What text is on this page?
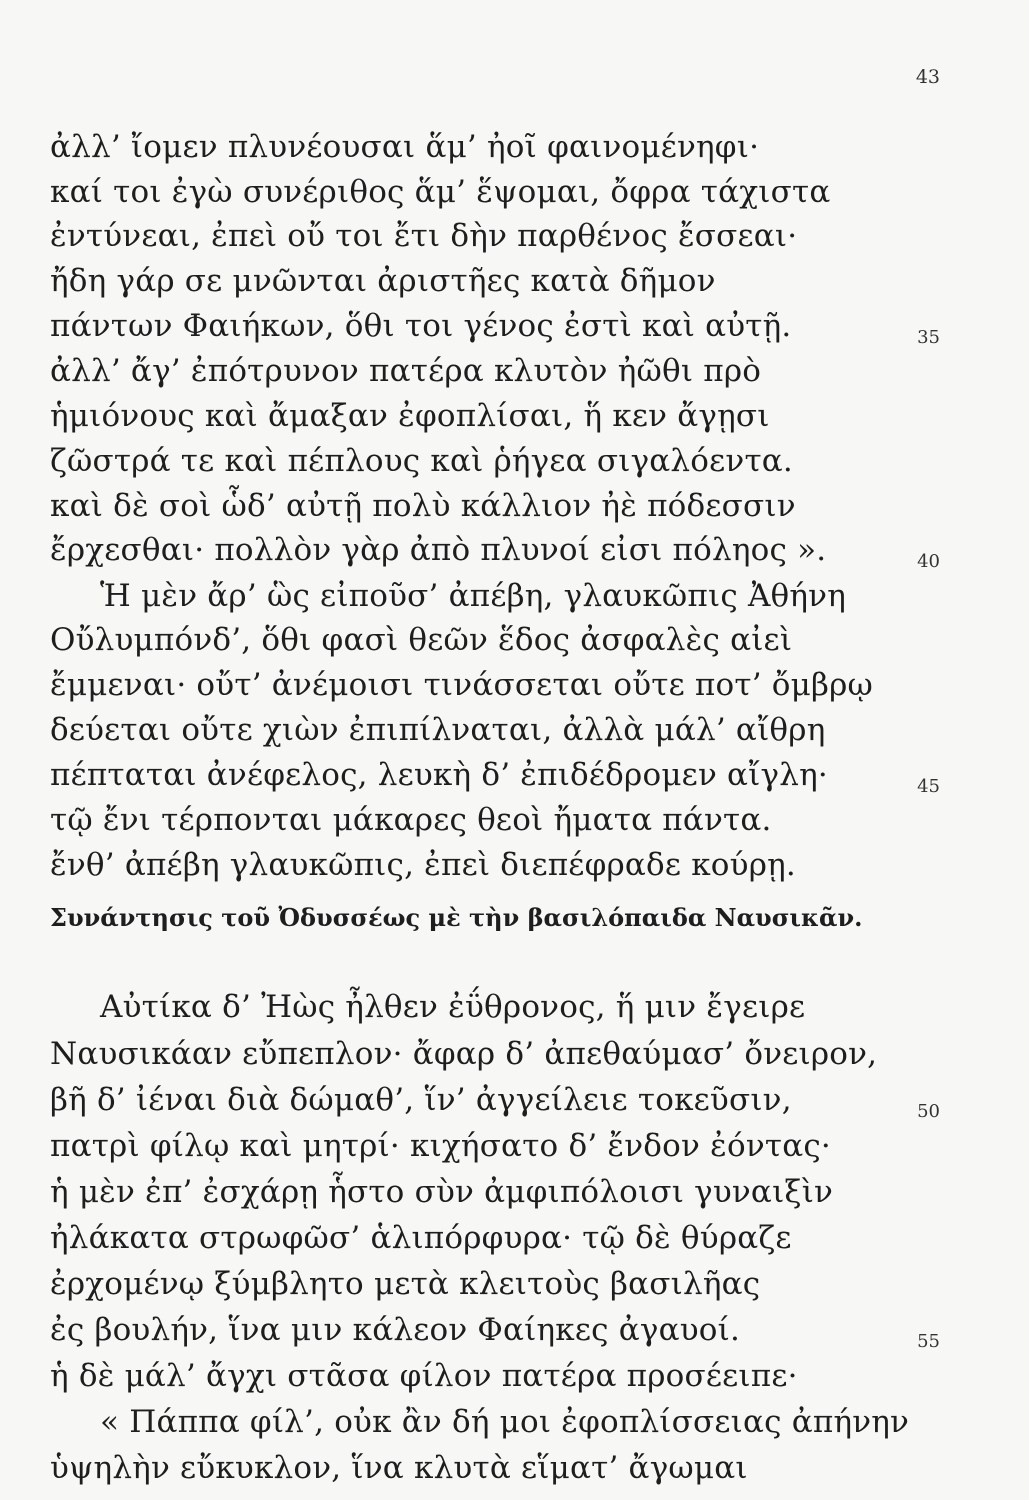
43
ἀλλ’ ἴομεν πλυνέουσαι ἅμ’ ἠοῖ φαινομένηφι·
καί τοι ἐγὼ συνέριθος ἅμ’ ἕψομαι, ὄφρα τάχιστα
ἐντύνεαι, ἐπεὶ οὔ τοι ἔτι δὴν παρθένος ἔσσεαι·
ἤδη γάρ σε μνῶνται ἀριστῆες κατὰ δῆμον
πάντων Φαιήκων, ὅθι τοι γένος ἐστὶ καὶ αὐτῇ.
ἀλλ’ ἄγ’ ἐπότρυνον πατέρα κλυτὸν ἠῶθι πρὸ
ἡμιόνους καὶ ἄμαξαν ἐφοπλίσαι, ἥ κεν ἄγῃσι
ζῶστρά τε καὶ πέπλους καὶ ῥήγεα σιγαλόεντα.
καὶ δὲ σοὶ ὧδ’ αὐτῇ πολὺ κάλλιον ἠὲ πόδεσσιν
ἔρχεσθαι· πολλὸν γὰρ ἀπὸ πλυνοί εἰσι πόληος ».
Ἡ μὲν ἄρ’ ὣς εἰποῦσ’ ἀπέβη, γλαυκῶπις Ἀθήνη
Οὔλυμπόνδ’, ὅθι φασὶ θεῶν ἕδος ἀσφαλὲς αἰεὶ
ἔμμεναι· οὔτ’ ἀνέμοισι τινάσσεται οὔτε ποτ’ ὄμβρῳ
δεύεται οὔτε χιὼν ἐπιπίλναται, ἀλλὰ μάλ’ αἴθρη
πέπταται ἀνέφελος, λευκὴ δ’ ἐπιδέδρομεν αἴγλη·
τῷ ἔνι τέρπονται μάκαρες θεοὶ ἤματα πάντα.
ἔνθ’ ἀπέβη γλαυκῶπις, ἐπεὶ διεπέφραδε κούρῃ.
Συνάντησις τοῦ Ὀδυσσέως μὲ τὴν βασιλόπαιδα Ναυσικᾶν.
Αὐτίκα δ’ Ἠὼς ἦλθεν ἐΰθρονος, ἥ μιν ἔγειρε
Ναυσικάαν εὔπεπλον· ἄφαρ δ’ ἀπεθαύμασ’ ὄνειρον,
βῆ δ’ ἰέναι διὰ δώμαθ’, ἵν’ ἀγγείλειε τοκεῦσιν,
πατρὶ φίλῳ καὶ μητρί· κιχήσατο δ’ ἔνδον ἐόντας·
ἡ μὲν ἐπ’ ἐσχάρῃ ἧστο σὺν ἀμφιπόλοισι γυναιξὶν
ἠλάκατα στρωφῶσ’ ἁλιπόρφυρα· τῷ δὲ θύραζε
ἐρχομένῳ ξύμβλητο μετὰ κλειτοὺς βασιλῆας
ἐς βουλήν, ἵνα μιν κάλεον Φαίηκες ἀγαυοί.
ἡ δὲ μάλ’ ἄγχι στᾶσα φίλον πατέρα προσέειπε·
« Πάππα φίλ’, οὐκ ἂν δή μοι ἐφοπλίσσειας ἀπήνην
ὑψηλὴν εὔκυκλον, ἵνα κλυτὰ εἵματ’ ἄγωμαι
35
40
45
50
55
